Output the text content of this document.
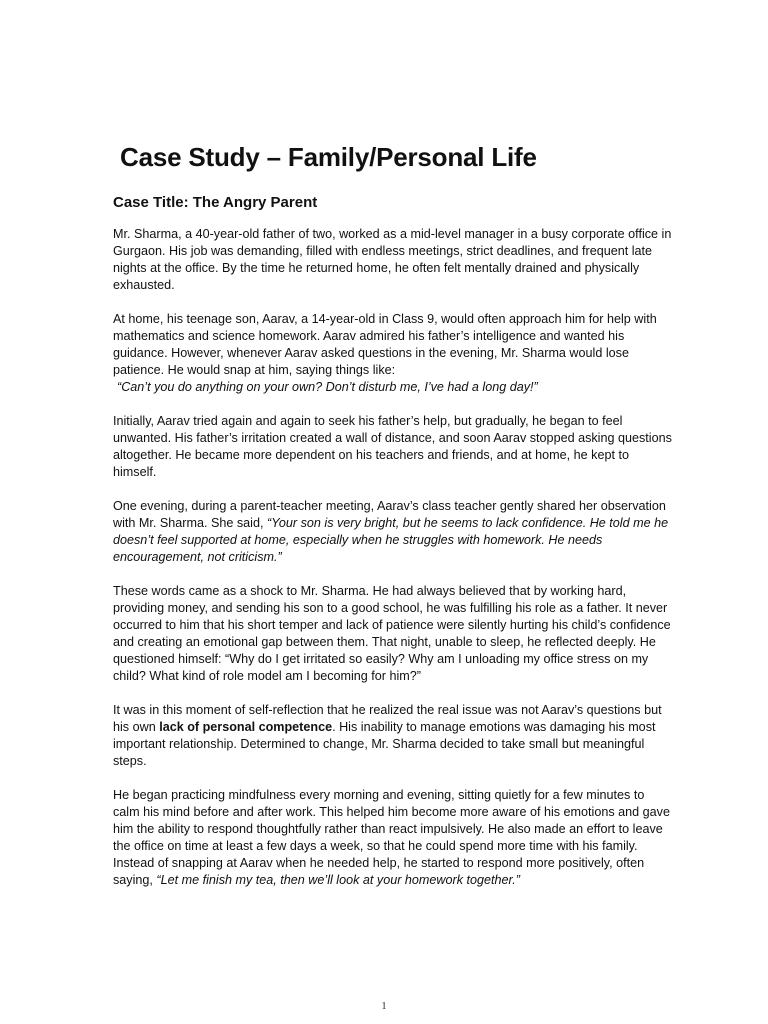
Case Study – Family/Personal Life
Case Title: The Angry Parent

Mr. Sharma, a 40-year-old father of two, worked as a mid-level manager in a busy corporate office in Gurgaon. His job was demanding, filled with endless meetings, strict deadlines, and frequent late nights at the office. By the time he returned home, he often felt mentally drained and physically exhausted.

At home, his teenage son, Aarav, a 14-year-old in Class 9, would often approach him for help with mathematics and science homework. Aarav admired his father’s intelligence and wanted his guidance. However, whenever Aarav asked questions in the evening, Mr. Sharma would lose patience. He would snap at him, saying things like:
“Can’t you do anything on your own? Don’t disturb me, I’ve had a long day!”

Initially, Aarav tried again and again to seek his father’s help, but gradually, he began to feel unwanted. His father’s irritation created a wall of distance, and soon Aarav stopped asking questions altogether. He became more dependent on his teachers and friends, and at home, he kept to himself.

One evening, during a parent-teacher meeting, Aarav’s class teacher gently shared her observation with Mr. Sharma. She said, “Your son is very bright, but he seems to lack confidence. He told me he doesn’t feel supported at home, especially when he struggles with homework. He needs encouragement, not criticism.”

These words came as a shock to Mr. Sharma. He had always believed that by working hard, providing money, and sending his son to a good school, he was fulfilling his role as a father. It never occurred to him that his short temper and lack of patience were silently hurting his child’s confidence and creating an emotional gap between them. That night, unable to sleep, he reflected deeply. He questioned himself: “Why do I get irritated so easily? Why am I unloading my office stress on my child? What kind of role model am I becoming for him?”

It was in this moment of self-reflection that he realized the real issue was not Aarav’s questions but his own lack of personal competence. His inability to manage emotions was damaging his most important relationship. Determined to change, Mr. Sharma decided to take small but meaningful steps.

He began practicing mindfulness every morning and evening, sitting quietly for a few minutes to calm his mind before and after work. This helped him become more aware of his emotions and gave him the ability to respond thoughtfully rather than react impulsively. He also made an effort to leave the office on time at least a few days a week, so that he could spend more time with his family. Instead of snapping at Aarav when he needed help, he started to respond more positively, often saying, “Let me finish my tea, then we’ll look at your homework together.”

1
